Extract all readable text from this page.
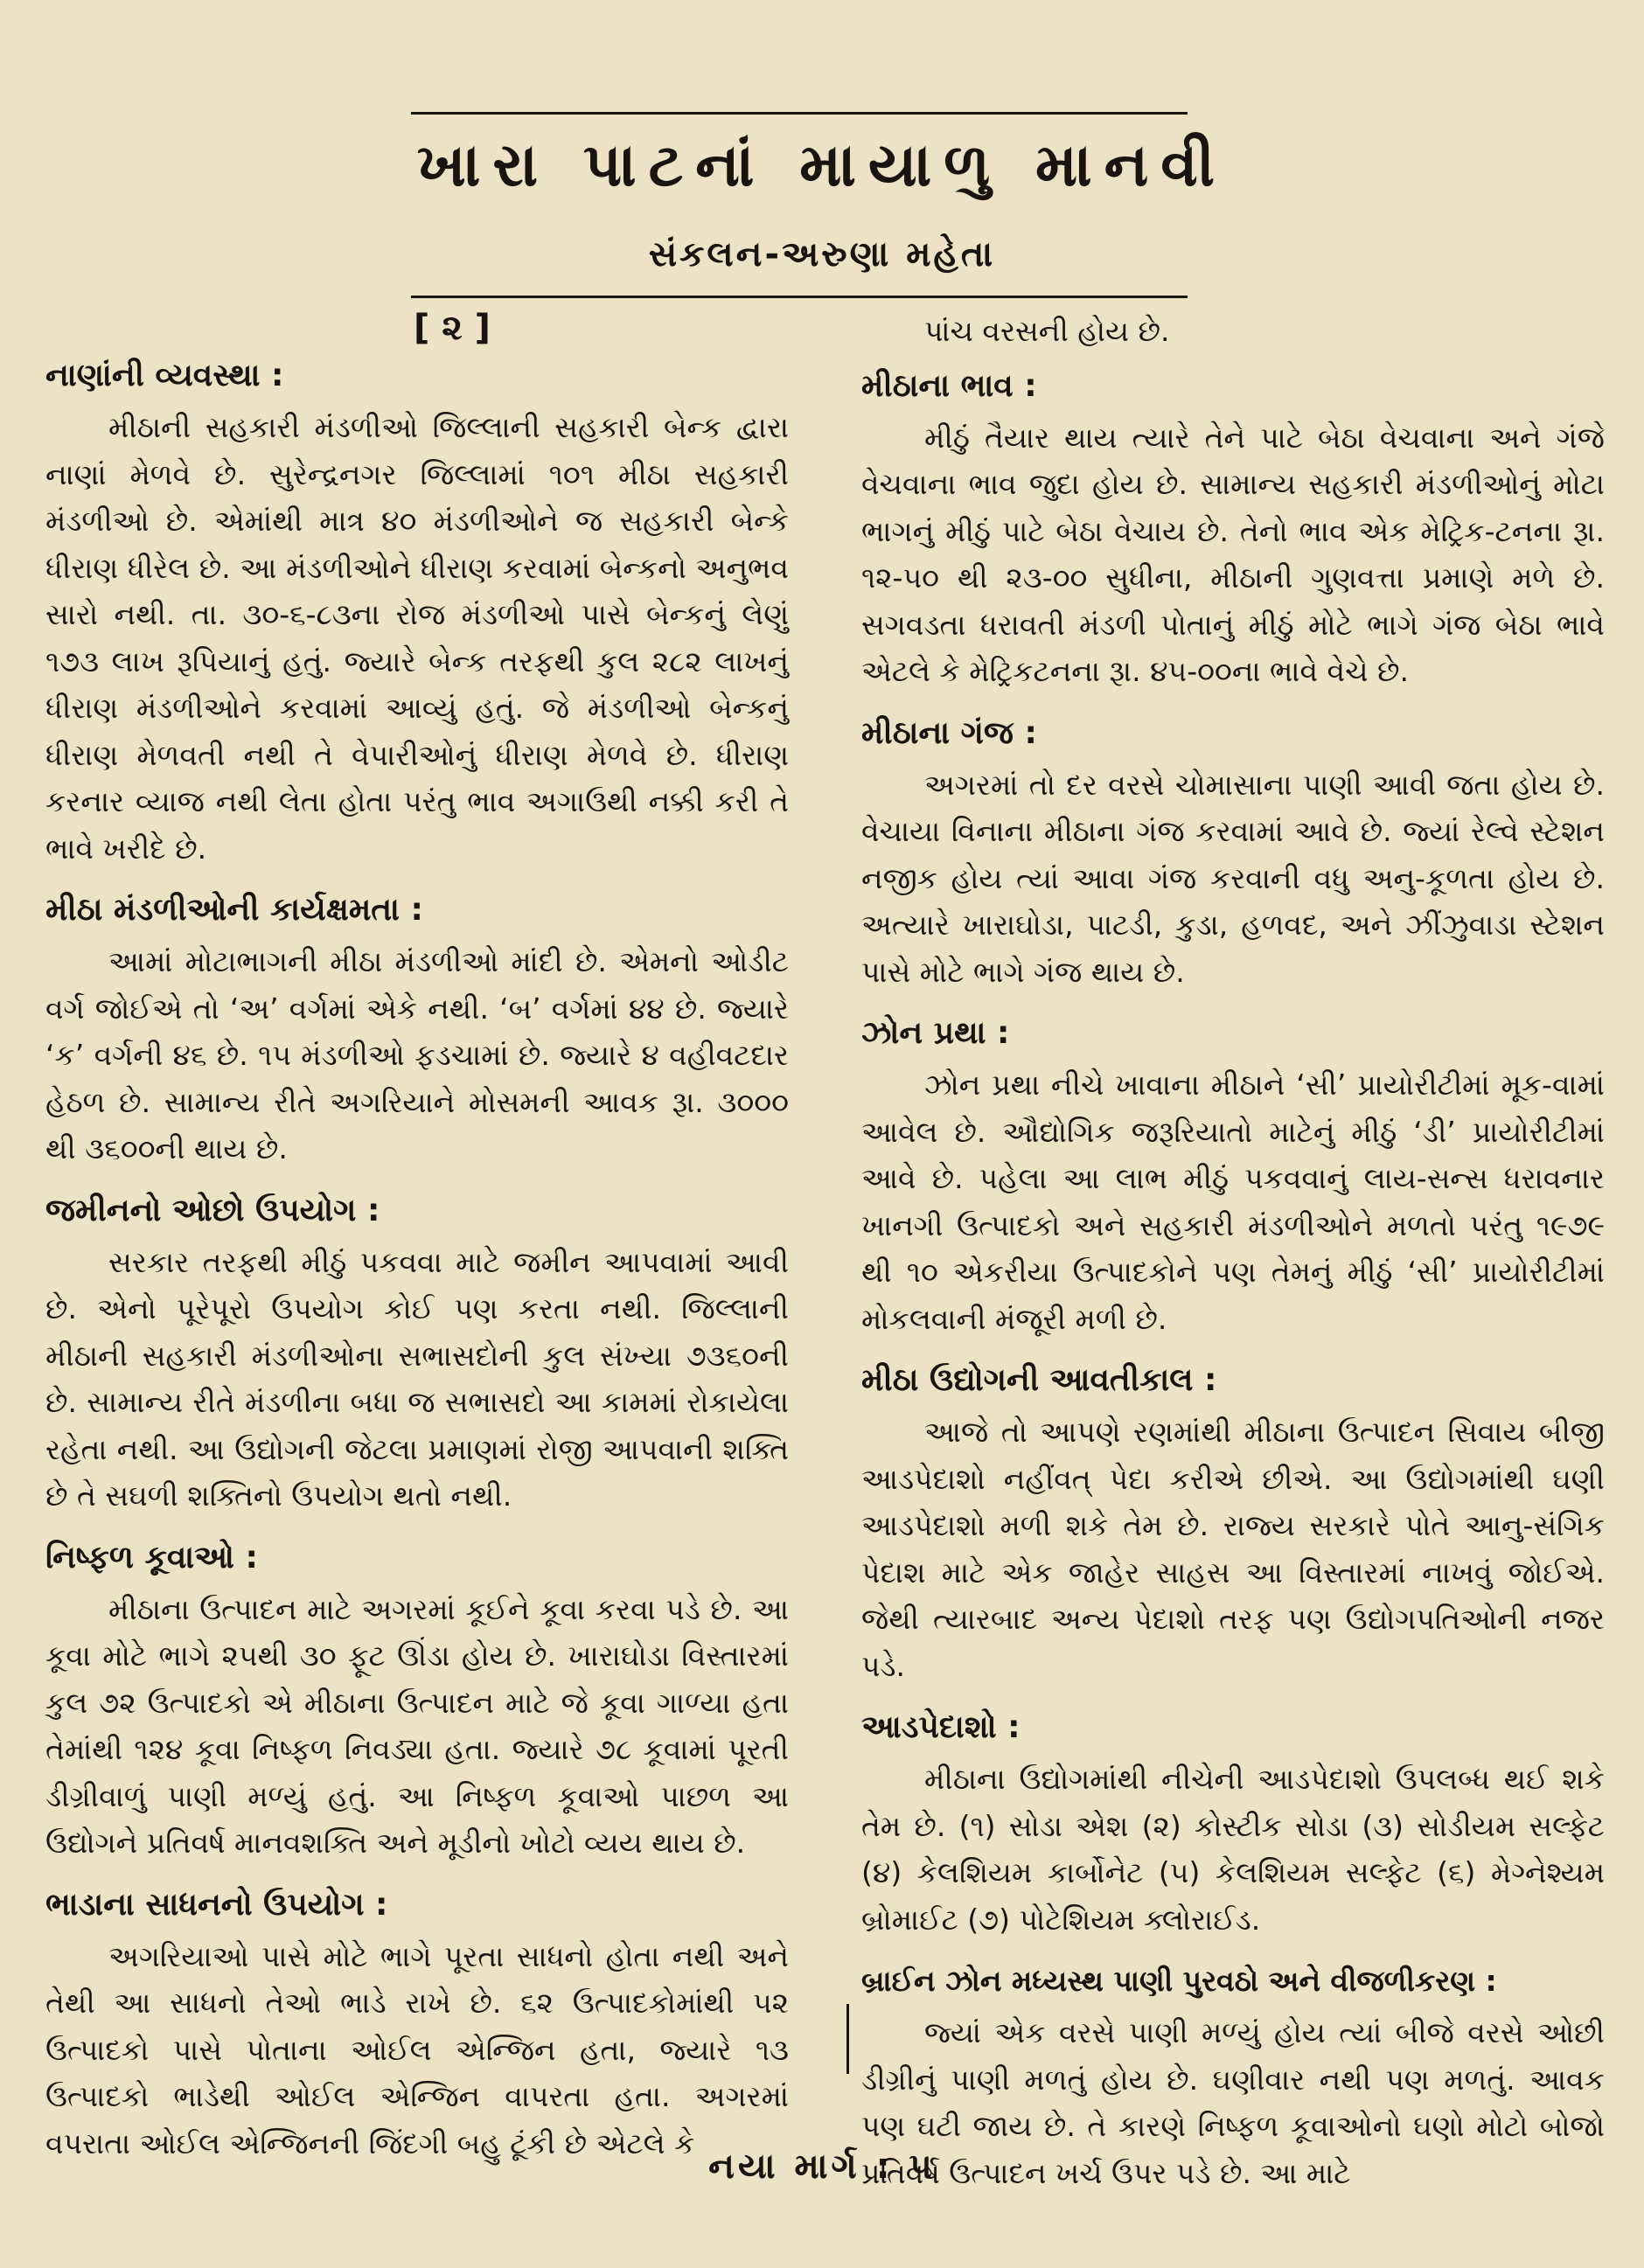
ખારા પાટનાં માયાળુ માનવી
સંકલન-અરુણા મહેતા
[ ૨ ]
નાણાંની વ્યવસ્થા :

મીઠાની સહકારી મંડળીઓ જિલ્લાની સહકારી બેન્ક દ્વારા નાણાં મેળવે છે. સુરેન્દ્રનગર જિલ્લામાં ૧૦૧ મીઠા સહકારી મંડળીઓ છે. એમાંથી માત્ર ૪૦ મંડળીઓને જ સહકારી બેન્કે ધીરાણ ધીરેલ છે. આ મંડળીઓને ધીરાણ કરવામાં બેન્કનો અનુભવ સારો નથી. તા. ૩૦-૬-૮૩ના રોજ મંડળીઓ પાસે બેન્કનું લેણું ૧૭૩ લાખ રૂપિયાનું હતું. જ્યારે બેન્ક તરફથી કુલ ૨૮૨ લાખનું ધીરાણ મંડળીઓને કરવામાં આવ્યું હતું. જે મંડળીઓ બેન્કનું ધીરાણ મેળવતી નથી તે વેપારીઓનું ધીરાણ મેળવે છે. ધીરાણ કરનાર વ્યાજ નથી લેતા હોતા પરંતુ ભાવ અગાઉથી નક્કી કરી તે ભાવે ખરીદે છે.

મીઠા મંડળીઓની કાર્યક્ષમતા :

આમાં મોટાભાગની મીઠા મંડળીઓ માંદી છે. એમનો ઓડીટ વર્ગ જોઈએ તો ‘અ’ વર્ગમાં એકે નથી. ‘બ’ વર્ગમાં ૪૪ છે. જ્યારે ‘ક’ વર્ગની ૪૬ છે. ૧૫ મંડળીઓ ફડચામાં છે. જ્યારે ૪ વહીવટદાર હેઠળ છે. સામાન્ય રીતે અગરિયાને મોસમની આવક રૂા. ૩૦૦૦ થી ૩૬૦૦ની થાય છે.

જમીનનો ઓછો ઉપયોગ :

સરકાર તરફથી મીઠું પકવવા માટે જમીન આપવામાં આવી છે. એનો પૂરેપૂરો ઉપયોગ કોઈ પણ કરતા નથી. જિલ્લાની મીઠાની સહકારી મંડળીઓના સભાસદોની કુલ સંખ્યા ૭૩૬૦ની છે. સામાન્ય રીતે મંડળીના બધા જ સભાસદો આ કામમાં રોકાયેલા રહેતા નથી. આ ઉદ્યોગની જેટલા પ્રમાણમાં રોજી આપવાની શક્તિ છે તે સઘળી શક્તિનો ઉપયોગ થતો નથી.

નિષ્ફળ કૂવાઓ :

મીઠાના ઉત્પાદન માટે અગરમાં કૂઈને કૂવા કરવા પડે છે. આ કૂવા મોટે ભાગે ૨૫થી ૩૦ ફૂટ ઊંડા હોય છે. ખારાઘોડા વિસ્તારમાં કુલ ૭૨ ઉત્પાદકો એ મીઠાના ઉત્પાદન માટે જે કૂવા ગાળ્યા હતા તેમાંથી ૧૨૪ કૂવા નિષ્ફળ નિવડ્યા હતા. જ્યારે ૭૮ કૂવામાં પૂરતી ડીગ્રીવાળું પાણી મળ્યું હતું. આ નિષ્ફળ કૂવાઓ પાછળ આ ઉદ્યોગને પ્રતિવર્ષ માનવશક્તિ અને મૂડીનો ખોટો વ્યય થાય છે.

ભાડાના સાધનનો ઉપયોગ :

અગરિયાઓ પાસે મોટે ભાગે પૂરતા સાધનો હોતા નથી અને તેથી આ સાધનો તેઓ ભાડે રાખે છે. ૬૨ ઉત્પાદકોમાંથી ૫૨ ઉત્પાદકો પાસે પોતાના ઓઈલ એન્જિન હતા, જ્યારે ૧૩ ઉત્પાદકો ભાડેથી ઓઈલ એન્જિન વાપરતા હતા. અગરમાં વપરાતા ઓઈલ એન્જિનની જિંદગી બહુ ટૂંકી છે એટલે કે

પાંચ વરસની હોય છે.

મીઠાના ભાવ :

મીઠું તૈયાર થાય ત્યારે તેને પાટે બેઠા વેચવાના અને ગંજે વેચવાના ભાવ જુદા હોય છે. સામાન્ય સહકારી મંડળીઓનું મોટા ભાગનું મીઠું પાટે બેઠા વેચાય છે. તેનો ભાવ એક મેટ્રિક-ટનના રૂા. ૧૨-૫૦ થી ૨૩-૦૦ સુધીના, મીઠાની ગુણવત્તા પ્રમાણે મળે છે. સગવડતા ધરાવતી મંડળી પોતાનું મીઠું મોટે ભાગે ગંજ બેઠા ભાવે એટલે કે મેટ્રિકટનના રૂા. ૪૫-૦૦ના ભાવે વેચે છે.

મીઠાના ગંજ :

અગરમાં તો દર વરસે ચોમાસાના પાણી આવી જતા હોય છે. વેચાયા વિનાના મીઠાના ગંજ કરવામાં આવે છે. જ્યાં રેલ્વે સ્ટેશન નજીક હોય ત્યાં આવા ગંજ કરવાની વધુ અનુ-કૂળતા હોય છે. અત્યારે ખારાઘોડા, પાટડી, કુડા, હળવદ, અને ઝીંઝુવાડા સ્ટેશન પાસે મોટે ભાગે ગંજ થાય છે.

ઝોન પ્રથા :

ઝોન પ્રથા નીચે ખાવાના મીઠાને ‘સી’ પ્રાયોરીટીમાં મૂક-વામાં આવેલ છે. ઔદ્યોગિક જરૂરિયાતો માટેનું મીઠું ‘ડી’ પ્રાયોરીટીમાં આવે છે. પહેલા આ લાભ મીઠું પકવવાનું લાય-સન્સ ધરાવનાર ખાનગી ઉત્પાદકો અને સહકારી મંડળીઓને મળતો પરંતુ ૧૯૭૯ થી ૧૦ એકરીયા ઉત્પાદકોને પણ તેમનું મીઠું ‘સી’ પ્રાયોરીટીમાં મોકલવાની મંજૂરી મળી છે.

મીઠા ઉદ્યોગની આવતીકાલ :

આજે તો આપણે રણમાંથી મીઠાના ઉત્પાદન સિવાય બીજી આડપેદાશો નહીંવત્ પેદા કરીએ છીએ. આ ઉદ્યોગમાંથી ઘણી આડપેદાશો મળી શકે તેમ છે. રાજ્ય સરકારે પોતે આનુ-સંગિક પેદાશ માટે એક જાહેર સાહસ આ વિસ્તારમાં નાખવું જોઈએ. જેથી ત્યારબાદ અન્ય પેદાશો તરફ પણ ઉદ્યોગપતિઓની નજર પડે.

આડપેદાશો :

મીઠાના ઉદ્યોગમાંથી નીચેની આડપેદાશો ઉપલબ્ધ થઈ શકે તેમ છે. (૧) સોડા એશ (૨) કોસ્ટીક સોડા (૩) સોડીયમ સલ્ફેટ (૪) કેલશિયમ કાર્બોનેટ (૫) કેલશિયમ સલ્ફેટ (૬) મેગ્નેશ્યમ બ્રોમાઈટ (૭) પોટેશિયમ ક્લોરાઈડ.

બ્રાઈન ઝોન મધ્યસ્થ પાણી પુરવઠો અને વીજળીકરણ :

જ્યાં એક વરસે પાણી મળ્યું હોય ત્યાં બીજે વરસે ઓછી ડીગ્રીનું પાણી મળતું હોય છે. ઘણીવાર નથી પણ મળતું. આવક પણ ઘટી જાય છે. તે કારણે નિષ્ફળ કૂવાઓનો ઘણો મોટો બોજો પ્રતિવર્ષ ઉત્પાદન ખર્ચ ઉપર પડે છે. આ માટે

નયા માર્ગ : ૫
